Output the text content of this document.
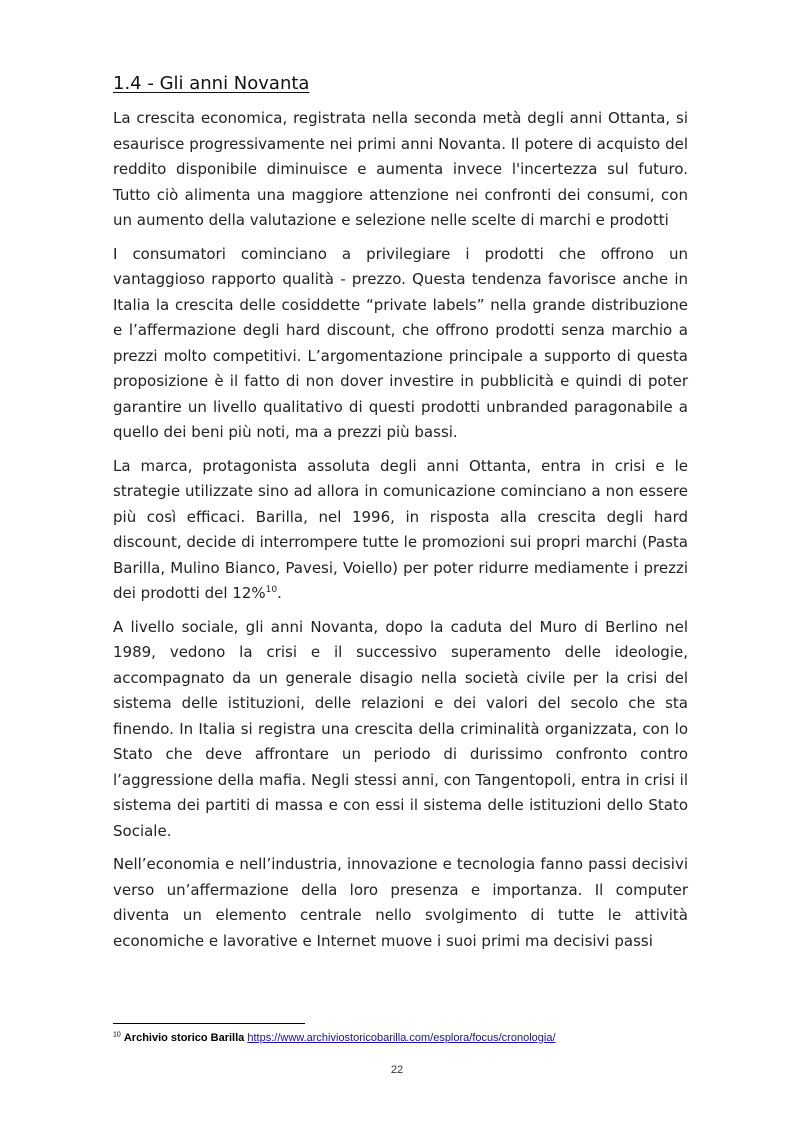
1.4 - Gli anni Novanta

La crescita economica, registrata nella seconda metà degli anni Ottanta, si esaurisce progressivamente nei primi anni Novanta. Il potere di acquisto del reddito disponibile diminuisce e aumenta invece l'incertezza sul futuro. Tutto ciò alimenta una maggiore attenzione nei confronti dei consumi, con un aumento della valutazione e selezione nelle scelte di marchi e prodotti

I consumatori cominciano a privilegiare i prodotti che offrono un vantaggioso rapporto qualità - prezzo. Questa tendenza favorisce anche in Italia la crescita delle cosiddette “private labels” nella grande distribuzione e l’affermazione degli hard discount, che offrono prodotti senza marchio a prezzi molto competitivi. L’argomentazione principale a supporto di questa proposizione è il fatto di non dover investire in pubblicità e quindi di poter garantire un livello qualitativo di questi prodotti unbranded paragonabile a quello dei beni più noti, ma a prezzi più bassi.

La marca, protagonista assoluta degli anni Ottanta, entra in crisi e le strategie utilizzate sino ad allora in comunicazione cominciano a non essere più così efficaci. Barilla, nel 1996, in risposta alla crescita degli hard discount, decide di interrompere tutte le promozioni sui propri marchi (Pasta Barilla, Mulino Bianco, Pavesi, Voiello) per poter ridurre mediamente i prezzi dei prodotti del 12%$^{10}$.

A livello sociale, gli anni Novanta, dopo la caduta del Muro di Berlino nel 1989, vedono la crisi e il successivo superamento delle ideologie, accompagnato da un generale disagio nella società civile per la crisi del sistema delle istituzioni, delle relazioni e dei valori del secolo che sta finendo. In Italia si registra una crescita della criminalità organizzata, con lo Stato che deve affrontare un periodo di durissimo confronto contro l’aggressione della mafia. Negli stessi anni, con Tangentopoli, entra in crisi il sistema dei partiti di massa e con essi il sistema delle istituzioni dello Stato Sociale.

Nell’economia e nell’industria, innovazione e tecnologia fanno passi decisivi verso un’affermazione della loro presenza e importanza. Il computer diventa un elemento centrale nello svolgimento di tutte le attività economiche e lavorative e Internet muove i suoi primi ma decisivi passi

$^{10}$ Archivio storico Barilla https://www.archiviostoricobarilla.com/esplora/focus/cronologia/
22
